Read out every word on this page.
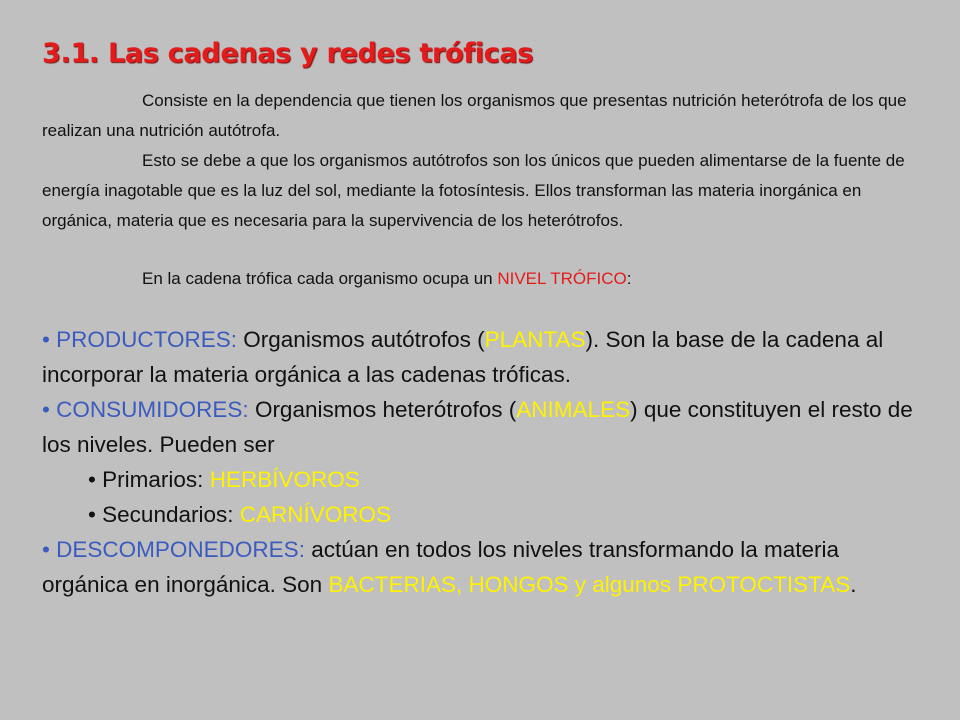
3.1. Las cadenas y redes tróficas

Consiste en la dependencia que tienen los organismos que presentas nutrición heterótrofa de los que realizan una nutrición autótrofa.

Esto se debe a que los organismos autótrofos son los únicos que pueden alimentarse de la fuente de energía inagotable que es la luz del sol, mediante la fotosíntesis. Ellos transforman las materia inorgánica en orgánica, materia que es necesaria para la supervivencia de los heterótrofos.

En la cadena trófica cada organismo ocupa un NIVEL TRÓFICO:

• PRODUCTORES: Organismos autótrofos (PLANTAS). Son la base de la cadena al incorporar la materia orgánica a las cadenas tróficas.

• CONSUMIDORES: Organismos heterótrofos (ANIMALES) que constituyen el resto de los niveles. Pueden ser

• Primarios: HERBÍVOROS

• Secundarios: CARNÍVOROS

• DESCOMPONEDORES: actúan en todos los niveles transformando la materia orgánica en inorgánica. Son BACTERIAS, HONGOS y algunos PROTOCTISTAS.
